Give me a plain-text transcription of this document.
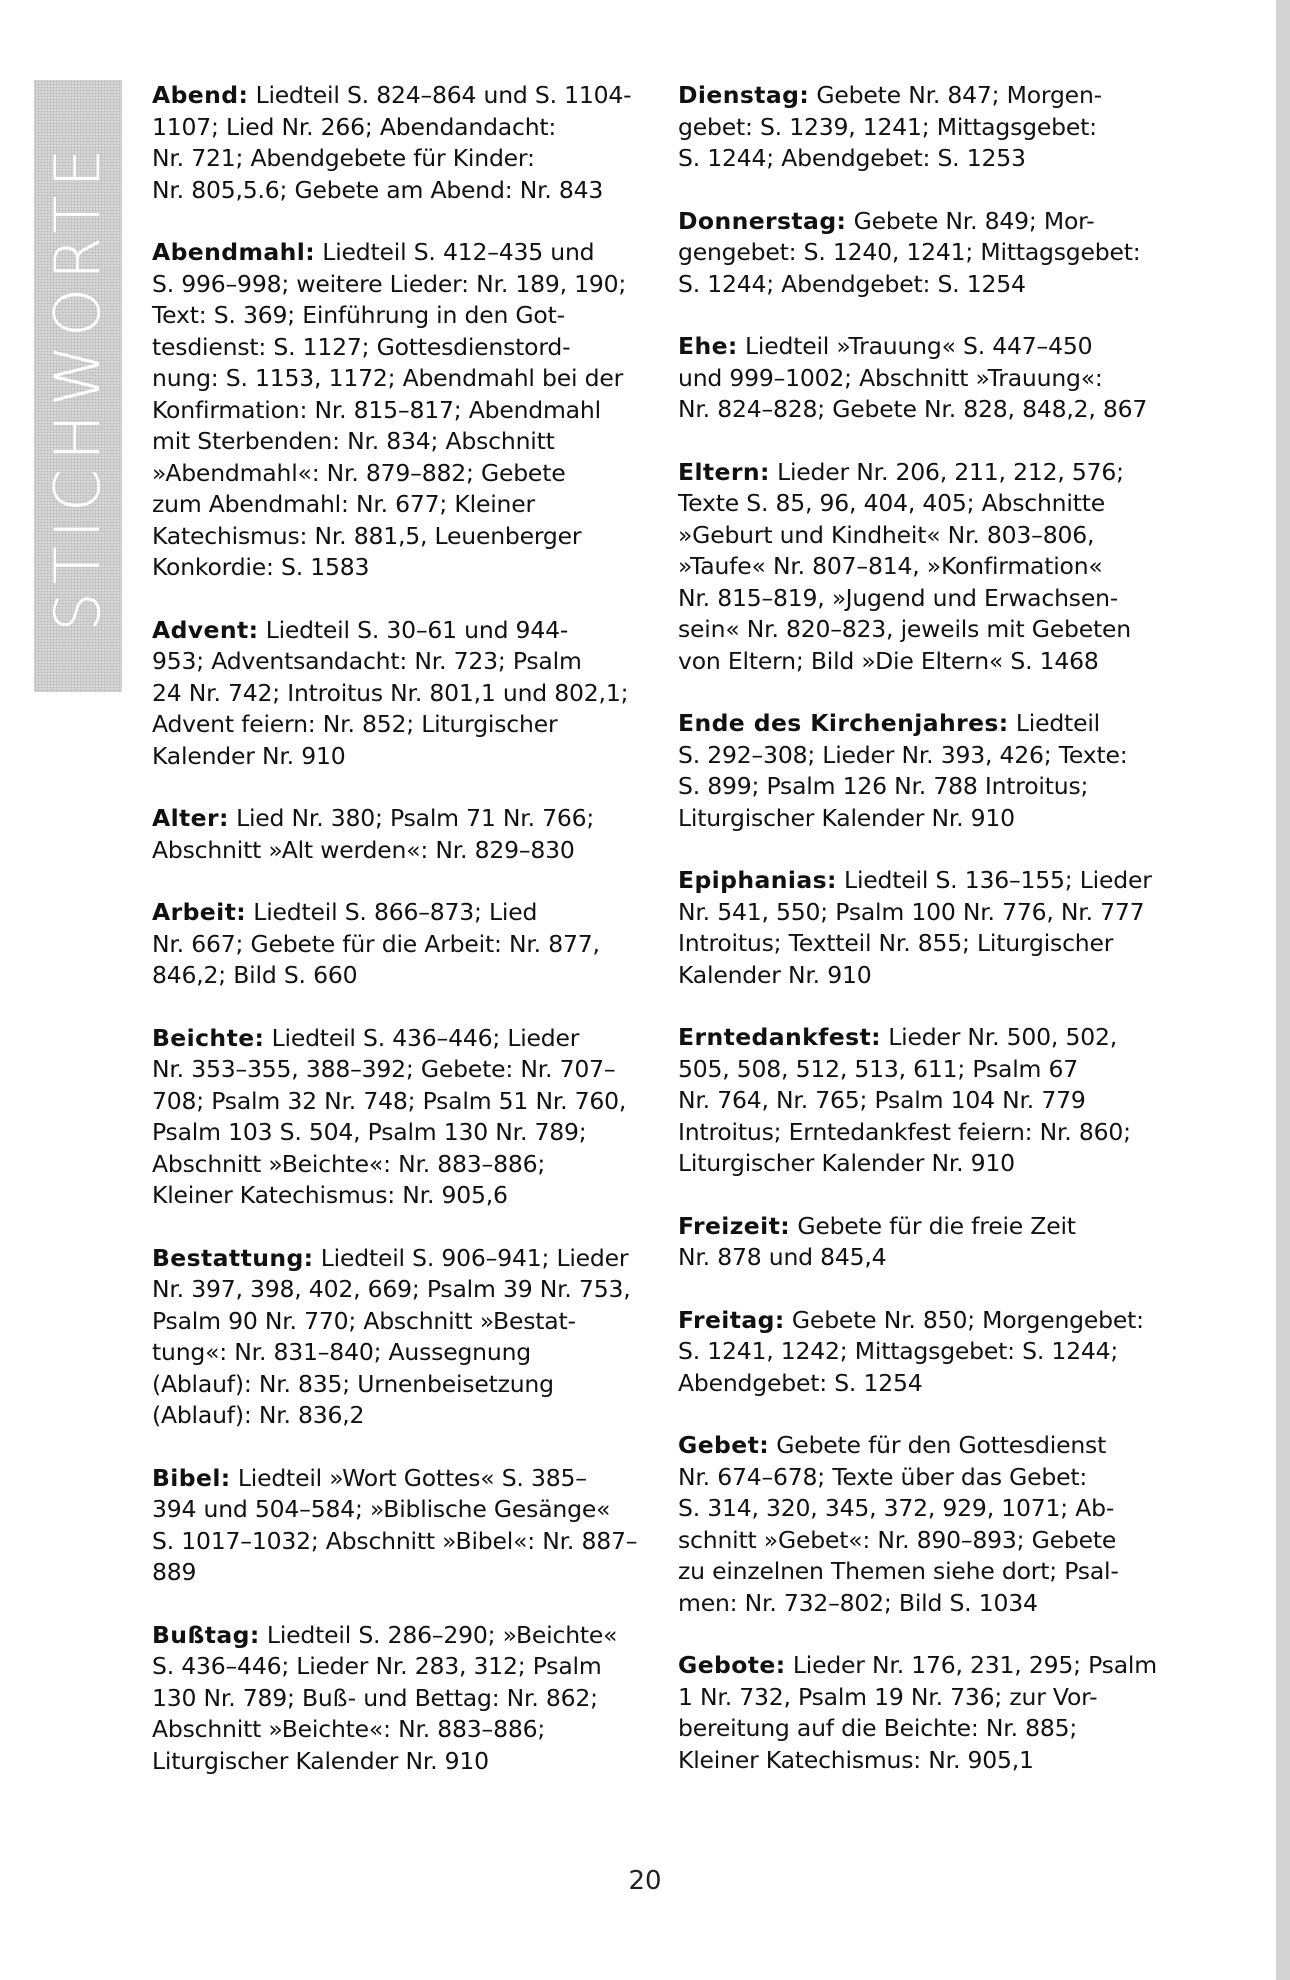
STICHWORTE
Abend: Liedteil S. 824–864 und S. 1104-
1107; Lied Nr. 266; Abendandacht:
Nr. 721; Abendgebete für Kinder:
Nr. 805,5.6; Gebete am Abend: Nr. 843
Abendmahl: Liedteil S. 412–435 und
S. 996–998; weitere Lieder: Nr. 189, 190;
Text: S. 369; Einführung in den Got-
tesdienst: S. 1127; Gottesdienstord-
nung: S. 1153, 1172; Abendmahl bei der
Konfirmation: Nr. 815–817; Abendmahl
mit Sterbenden: Nr. 834; Abschnitt
»Abendmahl«: Nr. 879–882; Gebete
zum Abendmahl: Nr. 677; Kleiner
Katechismus: Nr. 881,5, Leuenberger
Konkordie: S. 1583
Advent: Liedteil S. 30–61 und 944-
953; Adventsandacht: Nr. 723; Psalm
24 Nr. 742; Introitus Nr. 801,1 und 802,1;
Advent feiern: Nr. 852; Liturgischer
Kalender Nr. 910
Alter: Lied Nr. 380; Psalm 71 Nr. 766;
Abschnitt »Alt werden«: Nr. 829–830
Arbeit: Liedteil S. 866–873; Lied
Nr. 667; Gebete für die Arbeit: Nr. 877,
846,2; Bild S. 660
Beichte: Liedteil S. 436–446; Lieder
Nr. 353–355, 388–392; Gebete: Nr. 707–
708; Psalm 32 Nr. 748; Psalm 51 Nr. 760,
Psalm 103 S. 504, Psalm 130 Nr. 789;
Abschnitt »Beichte«: Nr. 883–886;
Kleiner Katechismus: Nr. 905,6
Bestattung: Liedteil S. 906–941; Lieder
Nr. 397, 398, 402, 669; Psalm 39 Nr. 753,
Psalm 90 Nr. 770; Abschnitt »Bestat-
tung«: Nr. 831–840; Aussegnung
(Ablauf): Nr. 835; Urnenbeisetzung
(Ablauf): Nr. 836,2
Bibel: Liedteil »Wort Gottes« S. 385–
394 und 504–584; »Biblische Gesänge«
S. 1017–1032; Abschnitt »Bibel«: Nr. 887–
889
Bußtag: Liedteil S. 286–290; »Beichte«
S. 436–446; Lieder Nr. 283, 312; Psalm
130 Nr. 789; Buß- und Bettag: Nr. 862;
Abschnitt »Beichte«: Nr. 883–886;
Liturgischer Kalender Nr. 910
Dienstag: Gebete Nr. 847; Morgen-
gebet: S. 1239, 1241; Mittagsgebet:
S. 1244; Abendgebet: S. 1253
Donnerstag: Gebete Nr. 849; Mor-
gengebet: S. 1240, 1241; Mittagsgebet:
S. 1244; Abendgebet: S. 1254
Ehe: Liedteil »Trauung« S. 447–450
und 999–1002; Abschnitt »Trauung«:
Nr. 824–828; Gebete Nr. 828, 848,2, 867
Eltern: Lieder Nr. 206, 211, 212, 576;
Texte S. 85, 96, 404, 405; Abschnitte
»Geburt und Kindheit« Nr. 803–806,
»Taufe« Nr. 807–814, »Konfirmation«
Nr. 815–819, »Jugend und Erwachsen-
sein« Nr. 820–823, jeweils mit Gebeten
von Eltern; Bild »Die Eltern« S. 1468
Ende des Kirchenjahres: Liedteil
S. 292–308; Lieder Nr. 393, 426; Texte:
S. 899; Psalm 126 Nr. 788 Introitus;
Liturgischer Kalender Nr. 910
Epiphanias: Liedteil S. 136–155; Lieder
Nr. 541, 550; Psalm 100 Nr. 776, Nr. 777
Introitus; Textteil Nr. 855; Liturgischer
Kalender Nr. 910
Erntedankfest: Lieder Nr. 500, 502,
505, 508, 512, 513, 611; Psalm 67
Nr. 764, Nr. 765; Psalm 104 Nr. 779
Introitus; Erntedankfest feiern: Nr. 860;
Liturgischer Kalender Nr. 910
Freizeit: Gebete für die freie Zeit
Nr. 878 und 845,4
Freitag: Gebete Nr. 850; Morgengebet:
S. 1241, 1242; Mittagsgebet: S. 1244;
Abendgebet: S. 1254
Gebet: Gebete für den Gottesdienst
Nr. 674–678; Texte über das Gebet:
S. 314, 320, 345, 372, 929, 1071; Ab-
schnitt »Gebet«: Nr. 890–893; Gebete
zu einzelnen Themen siehe dort; Psal-
men: Nr. 732–802; Bild S. 1034
Gebote: Lieder Nr. 176, 231, 295; Psalm
1 Nr. 732, Psalm 19 Nr. 736; zur Vor-
bereitung auf die Beichte: Nr. 885;
Kleiner Katechismus: Nr. 905,1
20
